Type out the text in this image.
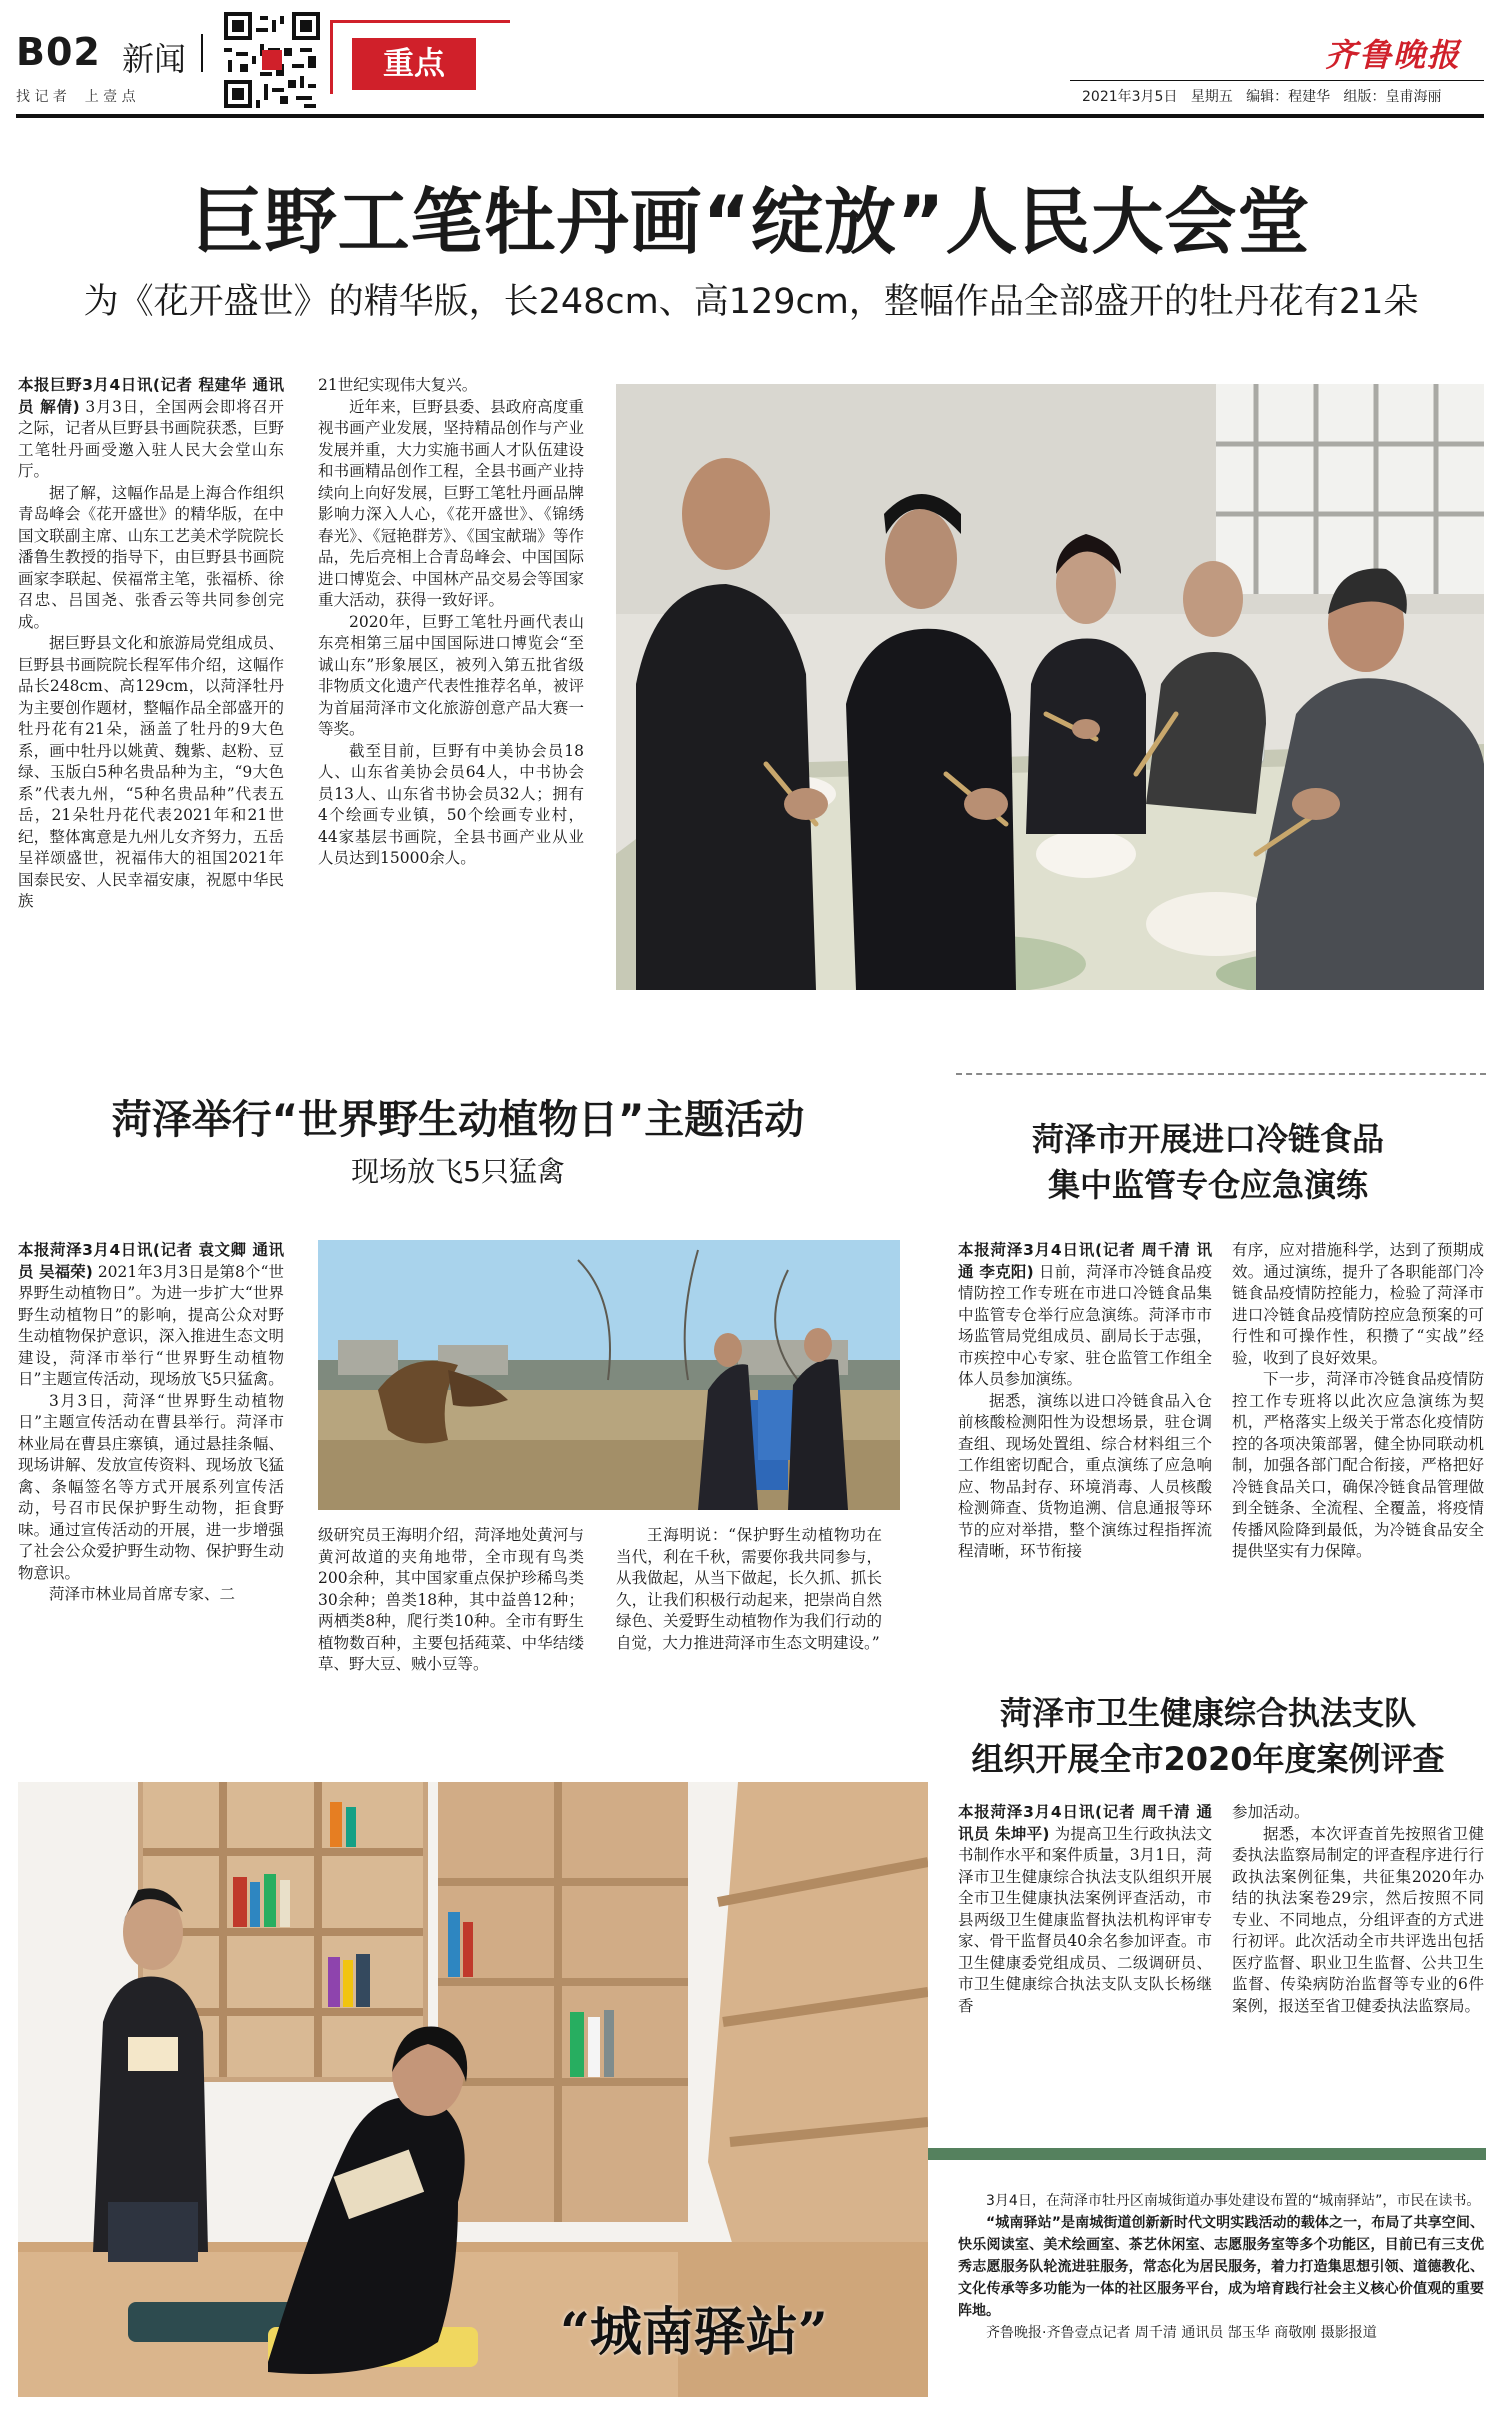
B02 新闻
找 记 者    上 壹 点
重点	齐鲁晚报
2021年3月5日 星期五 编辑：程建华 组版：皇甫海丽
巨野工笔牡丹画“绽放”人民大会堂
为《花开盛世》的精华版，长248cm、高129cm，整幅作品全部盛开的牡丹花有21朵

本报巨野3月4日讯(记者 程建华 通讯员 解倩) 3月3日，全国两会即将召开之际，记者从巨野县书画院获悉，巨野工笔牡丹画受邀入驻人民大会堂山东厅。

据了解，这幅作品是上海合作组织青岛峰会《花开盛世》的精华版，在中国文联副主席、山东工艺美术学院院长潘鲁生教授的指导下，由巨野县书画院画家李联起、侯福常主笔，张福桥、徐召忠、吕国尧、张香云等共同参创完成。

据巨野县文化和旅游局党组成员、巨野县书画院院长程军伟介绍，这幅作品长248cm、高129cm，以菏泽牡丹为主要创作题材，整幅作品全部盛开的牡丹花有21朵，涵盖了牡丹的9大色系，画中牡丹以姚黄、魏紫、赵粉、豆绿、玉版白5种名贵品种为主，“9大色系”代表九州，“5种名贵品种”代表五岳，21朵牡丹花代表2021年和21世纪，整体寓意是九州儿女齐努力，五岳呈祥颂盛世，祝福伟大的祖国2021年国泰民安、人民幸福安康，祝愿中华民族

21世纪实现伟大复兴。

近年来，巨野县委、县政府高度重视书画产业发展，坚持精品创作与产业发展并重，大力实施书画人才队伍建设和书画精品创作工程，全县书画产业持续向上向好发展，巨野工笔牡丹画品牌影响力深入人心，《花开盛世》、《锦绣春光》、《冠艳群芳》、《国宝献瑞》等作品，先后亮相上合青岛峰会、中国国际进口博览会、中国林产品交易会等国家重大活动，获得一致好评。

2020年，巨野工笔牡丹画代表山东亮相第三届中国国际进口博览会“至诚山东”形象展区，被列入第五批省级非物质文化遗产代表性推荐名单，被评为首届菏泽市文化旅游创意产品大赛一等奖。

截至目前，巨野有中美协会员18人、山东省美协会员64人，中书协会员13人、山东省书协会员32人；拥有4个绘画专业镇，50个绘画专业村，44家基层书画院，全县书画产业从业人员达到15000余人。

菏泽举行“世界野生动植物日”主题活动
现场放飞5只猛禽

本报菏泽3月4日讯(记者 袁文卿 通讯员 吴福荣) 2021年3月3日是第8个“世界野生动植物日”。为进一步扩大“世界野生动植物日”的影响，提高公众对野生动植物保护意识，深入推进生态文明建设，菏泽市举行“世界野生动植物日”主题宣传活动，现场放飞5只猛禽。

3月3日，菏泽“世界野生动植物日”主题宣传活动在曹县举行。菏泽市林业局在曹县庄寨镇，通过悬挂条幅、现场讲解、发放宣传资料、现场放飞猛禽、条幅签名等方式开展系列宣传活动，号召市民保护野生动物，拒食野味。通过宣传活动的开展，进一步增强了社会公众爱护野生动物、保护野生动物意识。

菏泽市林业局首席专家、二

级研究员王海明介绍，菏泽地处黄河与黄河故道的夹角地带，全市现有鸟类200余种，其中国家重点保护珍稀鸟类30余种；兽类18种，其中益兽12种；两栖类8种，爬行类10种。全市有野生植物数百种，主要包括莼菜、中华结缕草、野大豆、贼小豆等。

王海明说：“保护野生动植物功在当代，利在千秋，需要你我共同参与，从我做起，从当下做起，长久抓、抓长久，让我们积极行动起来，把崇尚自然绿色、关爱野生动植物作为我们行动的自觉，大力推进菏泽市生态文明建设。”

菏泽市开展进口冷链食品
集中监管专仓应急演练

本报菏泽3月4日讯(记者 周千清 讯通 李克阳) 日前，菏泽市冷链食品疫情防控工作专班在市进口冷链食品集中监管专仓举行应急演练。菏泽市市场监管局党组成员、副局长于志强，市疾控中心专家、驻仓监管工作组全体人员参加演练。

据悉，演练以进口冷链食品入仓前核酸检测阳性为设想场景，驻仓调查组、现场处置组、综合材料组三个工作组密切配合，重点演练了应急响应、物品封存、环境消毒、人员核酸检测筛查、货物追溯、信息通报等环节的应对举措，整个演练过程指挥流程清晰，环节衔接

有序，应对措施科学，达到了预期成效。通过演练，提升了各职能部门冷链食品疫情防控能力，检验了菏泽市进口冷链食品疫情防控应急预案的可行性和可操作性，积攒了“实战”经验，收到了良好效果。

下一步，菏泽市冷链食品疫情防控工作专班将以此次应急演练为契机，严格落实上级关于常态化疫情防控的各项决策部署，健全协同联动机制，加强各部门配合衔接，严格把好冷链食品关口，确保冷链食品管理做到全链条、全流程、全覆盖，将疫情传播风险降到最低，为冷链食品安全提供坚实有力保障。

菏泽市卫生健康综合执法支队
组织开展全市2020年度案例评查

本报菏泽3月4日讯(记者 周千清 通讯员 朱坤平) 为提高卫生行政执法文书制作水平和案件质量，3月1日，菏泽市卫生健康综合执法支队组织开展全市卫生健康执法案例评查活动，市县两级卫生健康监督执法机构评审专家、骨干监督员40余名参加评查。市卫生健康委党组成员、二级调研员、市卫生健康综合执法支队支队长杨继香

参加活动。

据悉，本次评查首先按照省卫健委执法监察局制定的评查程序进行行政执法案例征集，共征集2020年办结的执法案卷29宗，然后按照不同专业、不同地点，分组评查的方式进行初评。此次活动全市共评选出包括医疗监督、职业卫生监督、公共卫生监督、传染病防治监督等专业的6件案例，报送至省卫健委执法监察局。

“城南驿站”

3月4日，在菏泽市牡丹区南城街道办事处建设布置的“城南驿站”，市民在读书。

“城南驿站”是南城街道创新新时代文明实践活动的载体之一，布局了共享空间、快乐阅读室、美术绘画室、茶艺休闲室、志愿服务室等多个功能区，目前已有三支优秀志愿服务队轮流进驻服务，常态化为居民服务，着力打造集思想引领、道德教化、文化传承等多功能为一体的社区服务平台，成为培育践行社会主义核心价值观的重要阵地。

齐鲁晚报·齐鲁壹点记者 周千清 通讯员 郜玉华 商敬刚 摄影报道
